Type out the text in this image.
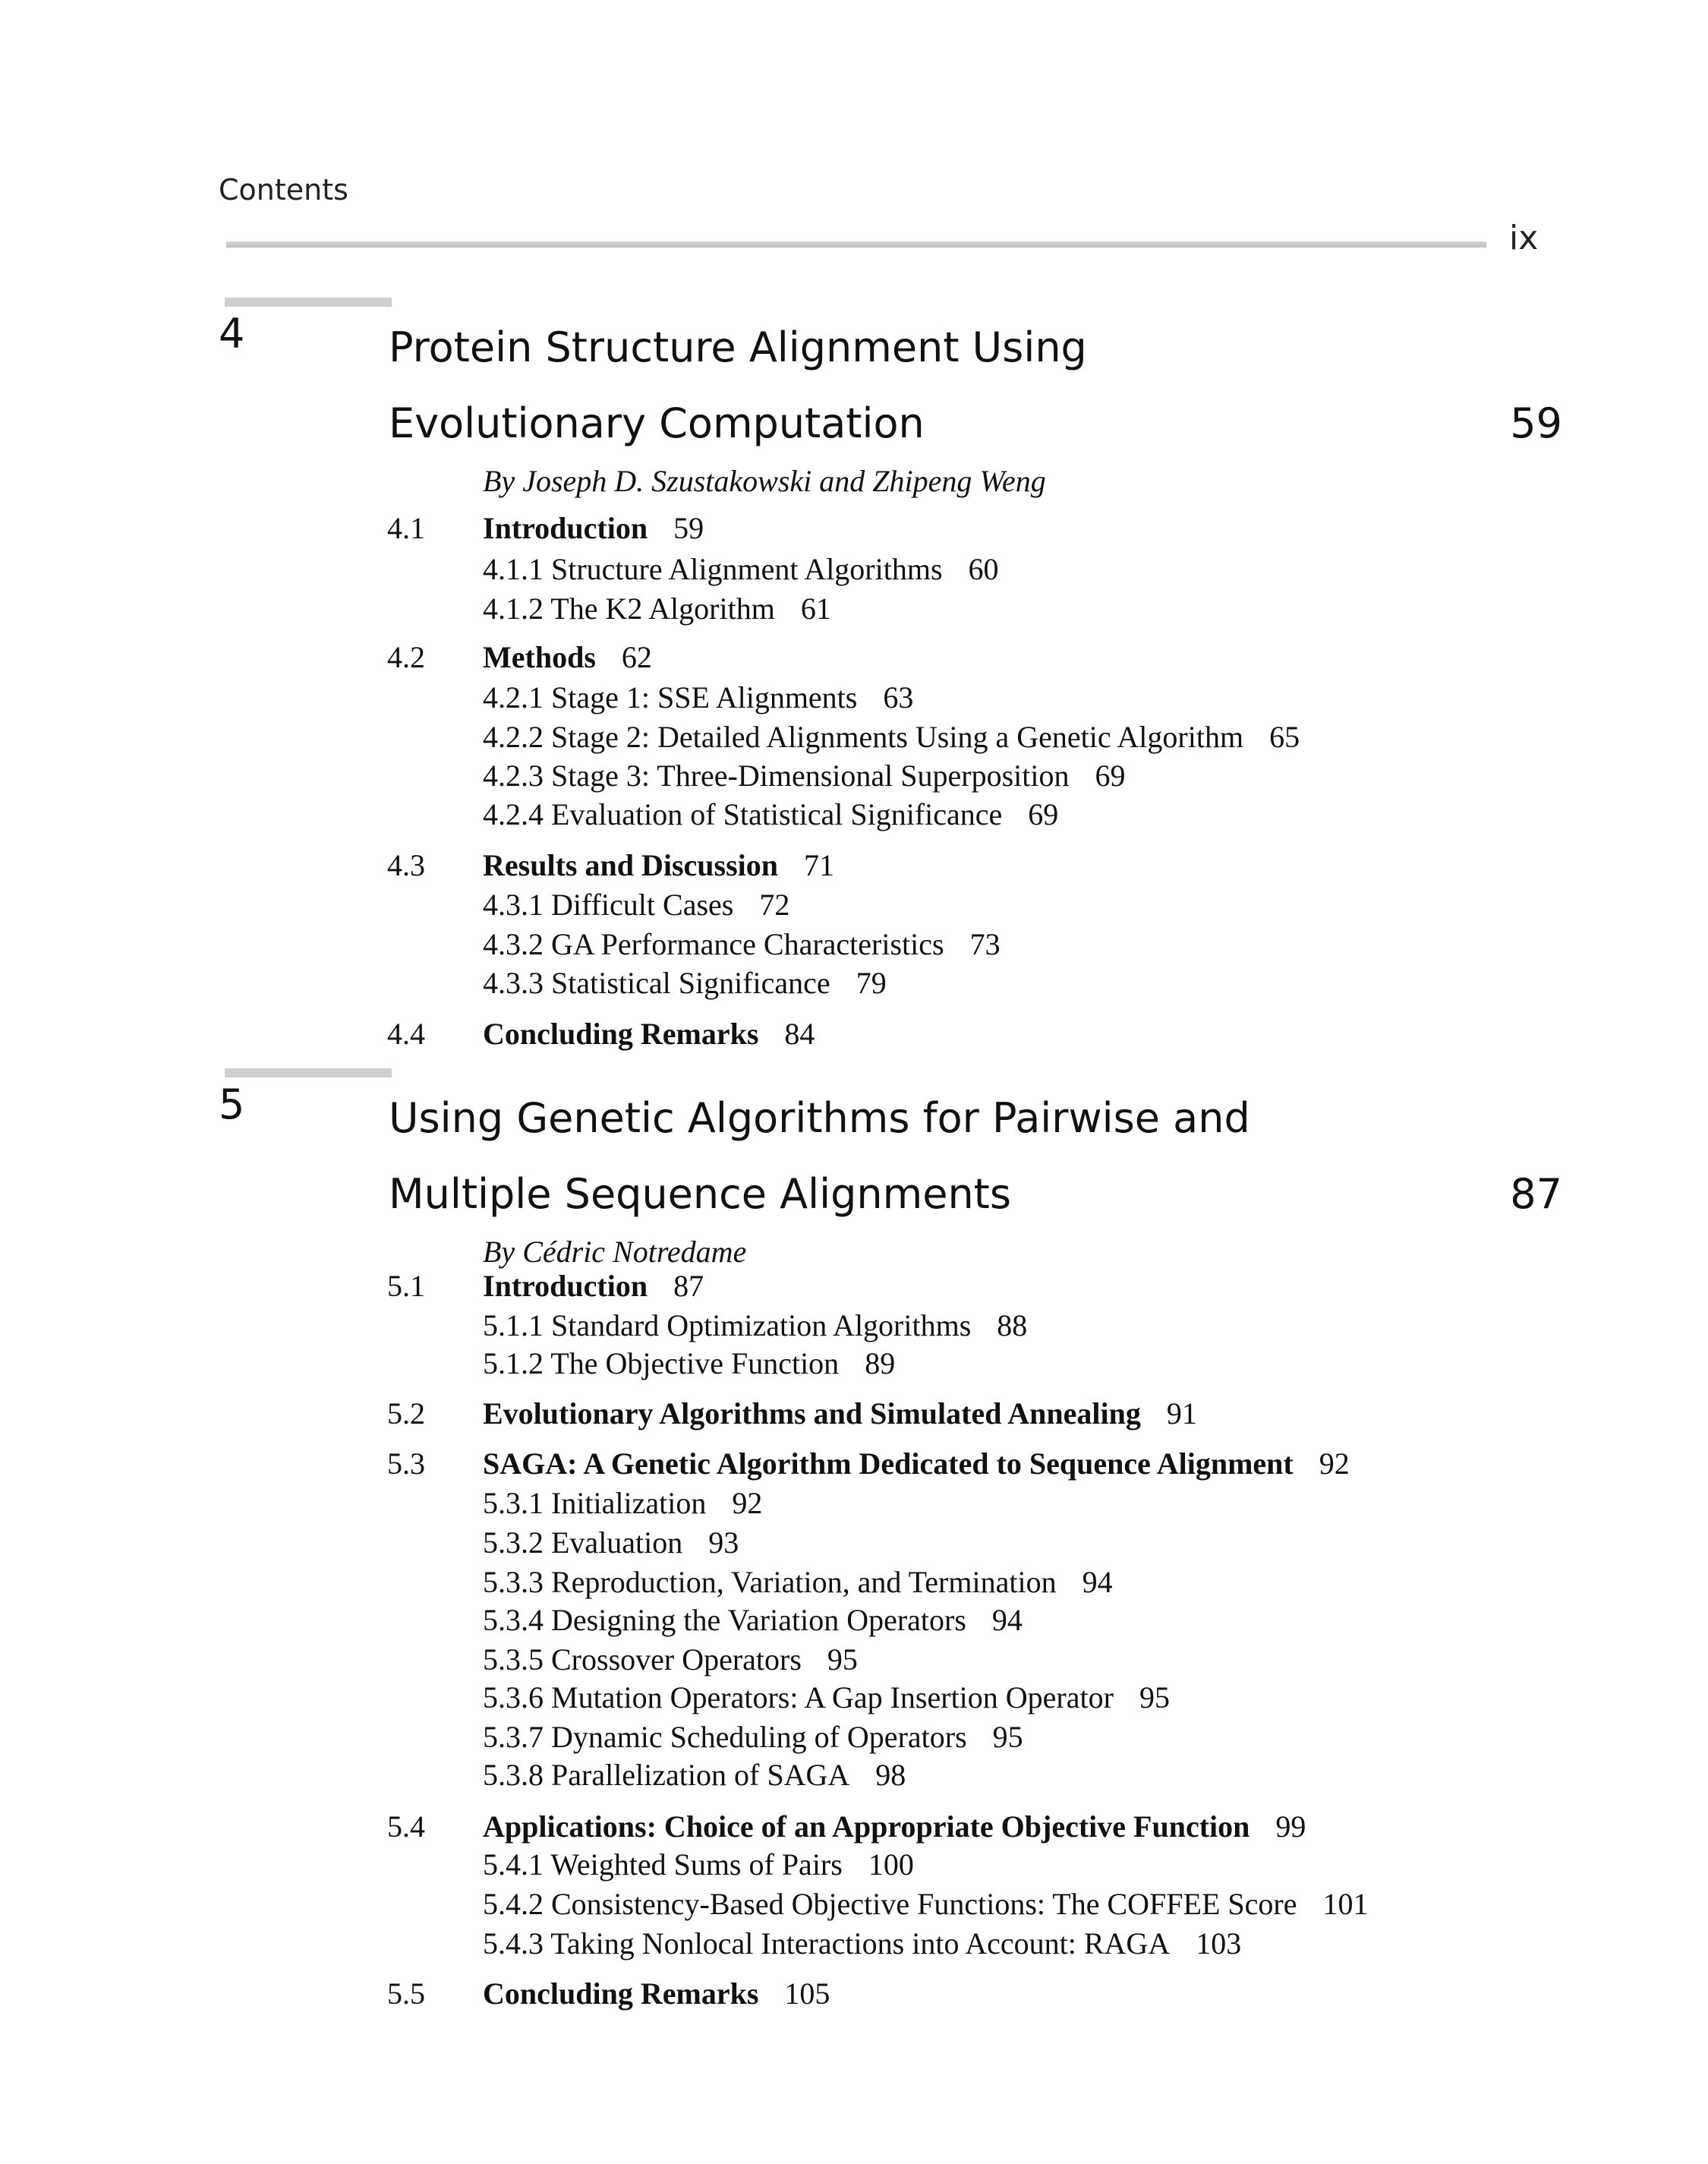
Contents
ix
4	Protein Structure Alignment Using
Evolutionary Computation	59
By Joseph D. Szustakowski and Zhipeng Weng
4.1 Introduction 59
4.1.1 Structure Alignment Algorithms 60
4.1.2 The K2 Algorithm 61
4.2 Methods 62
4.2.1 Stage 1: SSE Alignments 63
4.2.2 Stage 2: Detailed Alignments Using a Genetic Algorithm 65
4.2.3 Stage 3: Three-Dimensional Superposition 69
4.2.4 Evaluation of Statistical Significance 69
4.3 Results and Discussion 71
4.3.1 Difficult Cases 72
4.3.2 GA Performance Characteristics 73
4.3.3 Statistical Significance 79
4.4 Concluding Remarks 84
5	Using Genetic Algorithms for Pairwise and
Multiple Sequence Alignments	87
By Cédric Notredame
5.1 Introduction 87
5.1.1 Standard Optimization Algorithms 88
5.1.2 The Objective Function 89
5.2 Evolutionary Algorithms and Simulated Annealing 91
5.3 SAGA: A Genetic Algorithm Dedicated to Sequence Alignment 92
5.3.1 Initialization 92
5.3.2 Evaluation 93
5.3.3 Reproduction, Variation, and Termination 94
5.3.4 Designing the Variation Operators 94
5.3.5 Crossover Operators 95
5.3.6 Mutation Operators: A Gap Insertion Operator 95
5.3.7 Dynamic Scheduling of Operators 95
5.3.8 Parallelization of SAGA 98
5.4 Applications: Choice of an Appropriate Objective Function 99
5.4.1 Weighted Sums of Pairs 100
5.4.2 Consistency-Based Objective Functions: The COFFEE Score 101
5.4.3 Taking Nonlocal Interactions into Account: RAGA 103
5.5 Concluding Remarks 105
